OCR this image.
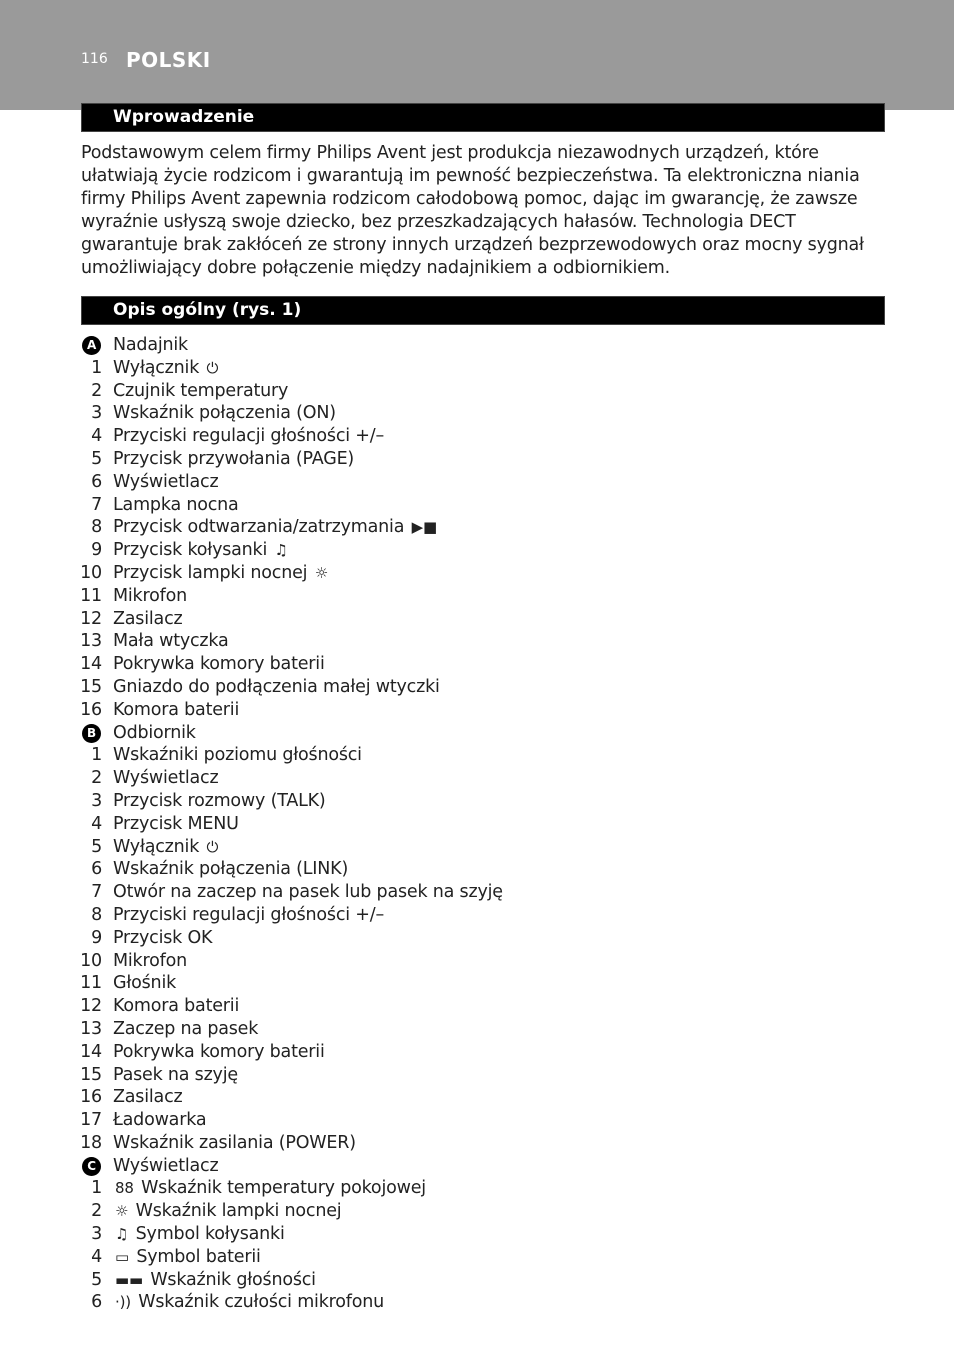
116 POLSKI
Wprowadzenie

Podstawowym celem firmy Philips Avent jest produkcja niezawodnych urządzeń, które ułatwiają życie rodzicom i gwarantują im pewność bezpieczeństwa. Ta elektroniczna niania firmy Philips Avent zapewnia rodzicom całodobową pomoc, dając im gwarancję, że zawsze wyraźnie usłyszą swoje dziecko, bez przeszkadzających hałasów. Technologia DECT gwarantuje brak zakłóceń ze strony innych urządzeń bezprzewodowych oraz mocny sygnał umożliwiający dobre połączenie między nadajnikiem a odbiornikiem.

Opis ogólny (rys. 1)
A Nadajnik
1 Wyłącznik ⏻
2 Czujnik temperatury
3 Wskaźnik połączenia (ON)
4 Przyciski regulacji głośności +/–
5 Przycisk przywołania (PAGE)
6 Wyświetlacz
7 Lampka nocna
8 Przycisk odtwarzania/zatrzymania ▶■
9 Przycisk kołysanki ♫
10 Przycisk lampki nocnej ☼
11 Mikrofon
12 Zasilacz
13 Mała wtyczka
14 Pokrywka komory baterii
15 Gniazdo do podłączenia małej wtyczki
16 Komora baterii
B Odbiornik
1 Wskaźniki poziomu głośności
2 Wyświetlacz
3 Przycisk rozmowy (TALK)
4 Przycisk MENU
5 Wyłącznik ⏻
6 Wskaźnik połączenia (LINK)
7 Otwór na zaczep na pasek lub pasek na szyję
8 Przyciski regulacji głośności +/–
9 Przycisk OK
10 Mikrofon
11 Głośnik
12 Komora baterii
13 Zaczep na pasek
14 Pokrywka komory baterii
15 Pasek na szyję
16 Zasilacz
17 Ładowarka
18 Wskaźnik zasilania (POWER)
C Wyświetlacz
1 88 Wskaźnik temperatury pokojowej
2 ☼ Wskaźnik lampki nocnej
3 ♫ Symbol kołysanki
4 ▭ Symbol baterii
5 ▬▬ Wskaźnik głośności
6 ·)) Wskaźnik czułości mikrofonu
